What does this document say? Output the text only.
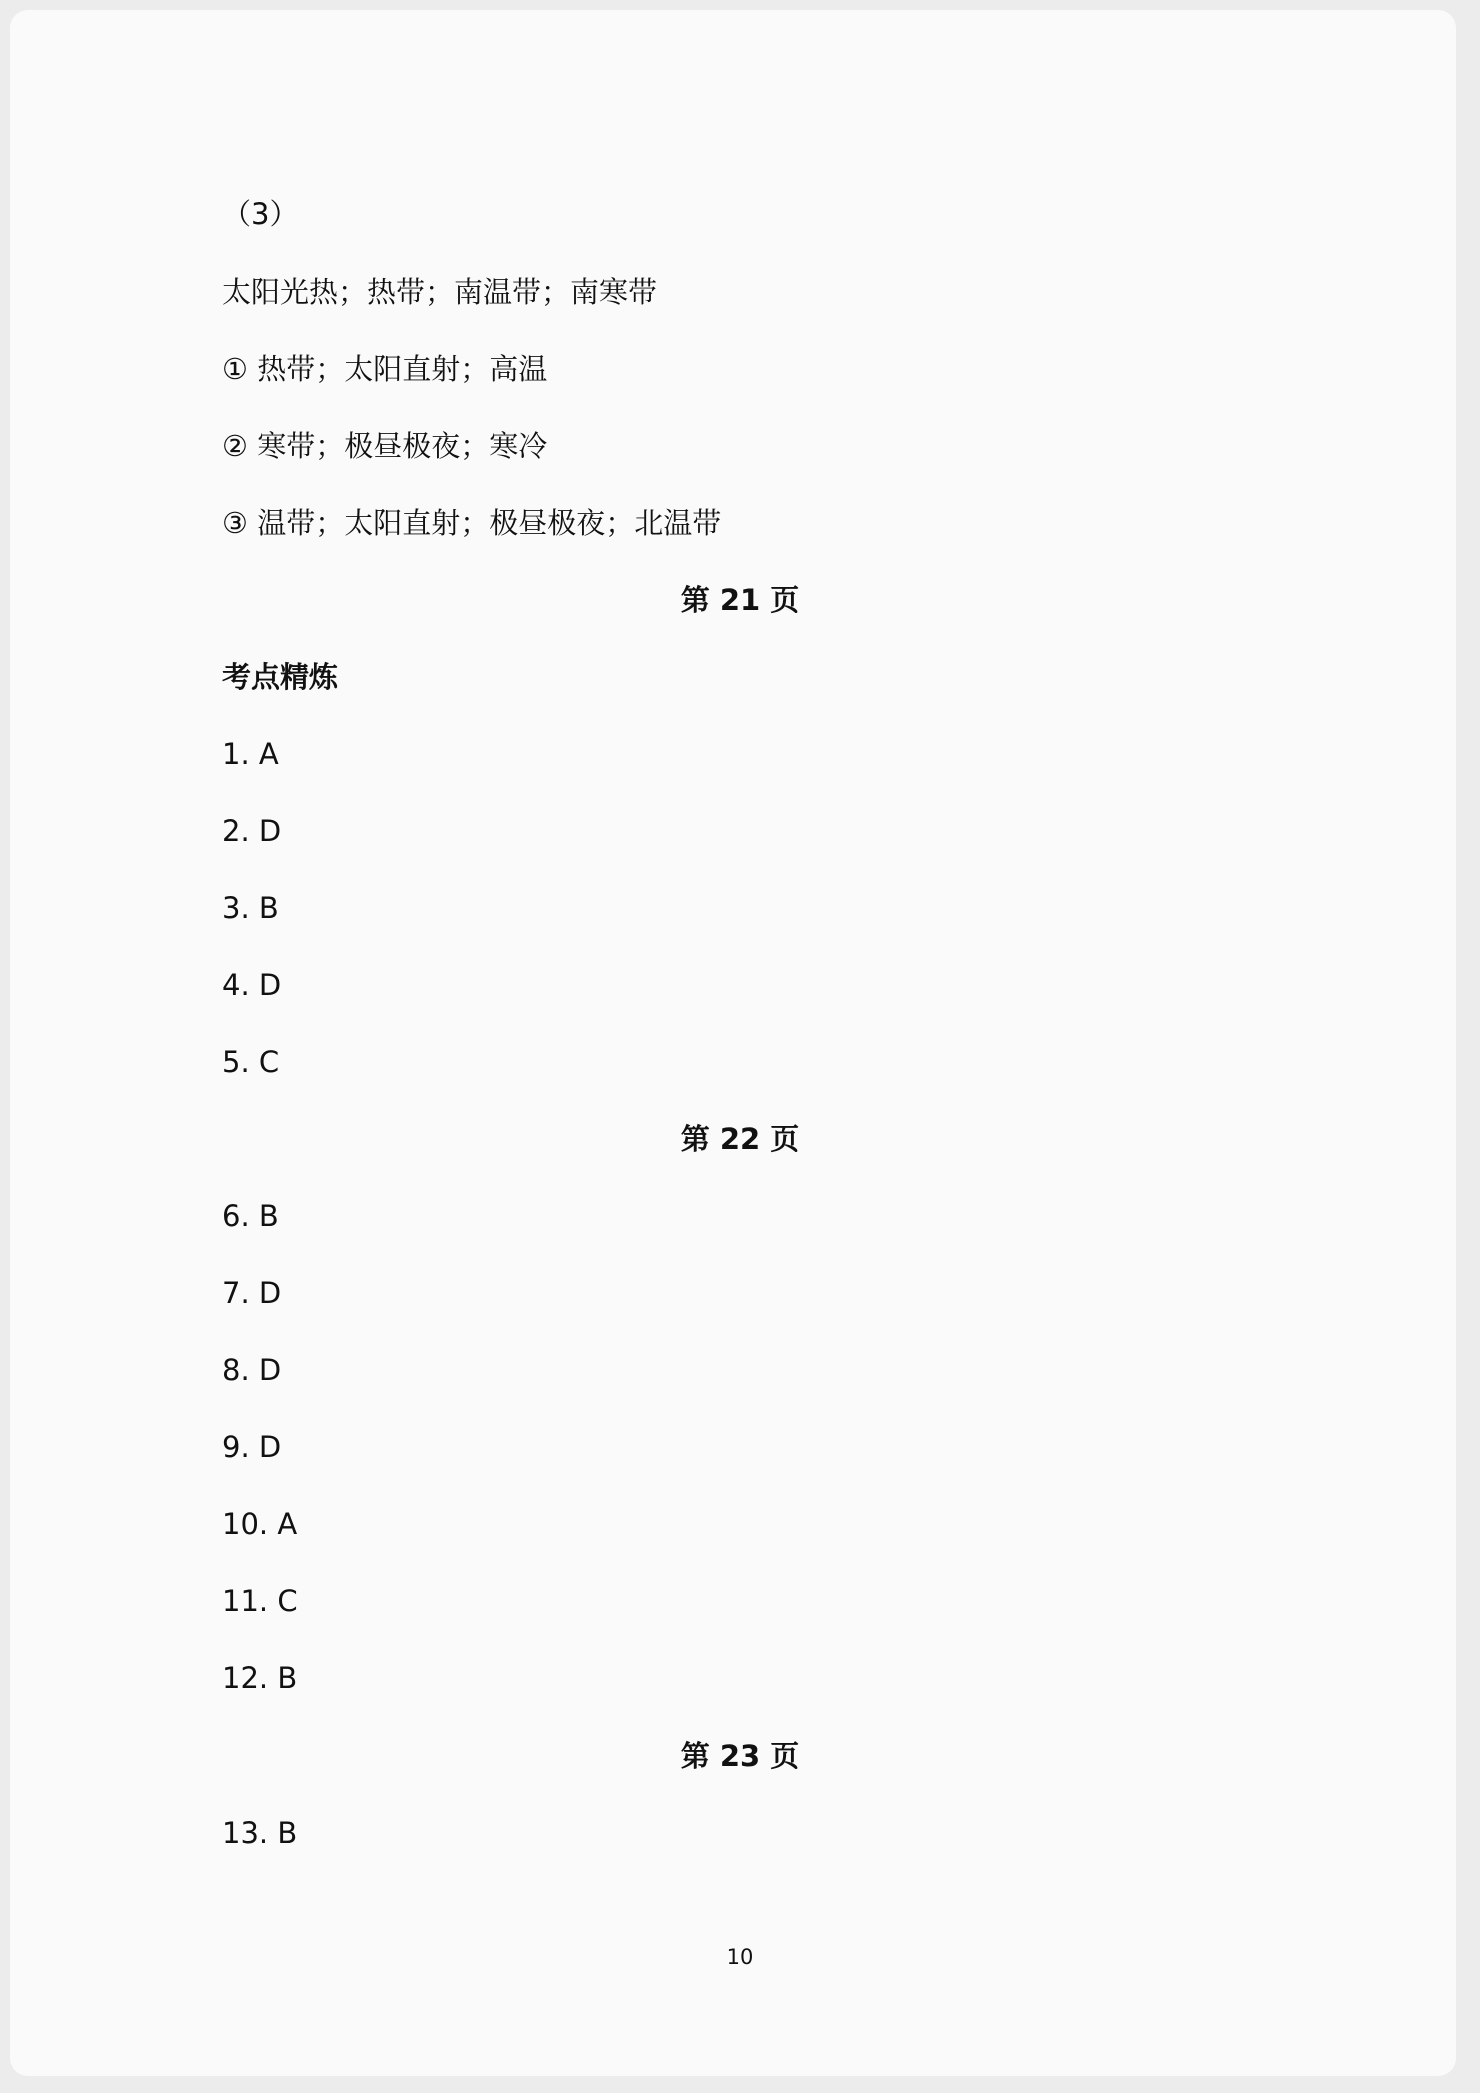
（3）
太阳光热；热带；南温带；南寒带
① 热带；太阳直射；高温
② 寒带；极昼极夜；寒冷
③ 温带；太阳直射；极昼极夜；北温带
第 21 页
考点精炼
1. A
2. D
3. B
4. D
5. C
第 22 页
6. B
7. D
8. D
9. D
10. A
11. C
12. B
第 23 页
13. B
10
